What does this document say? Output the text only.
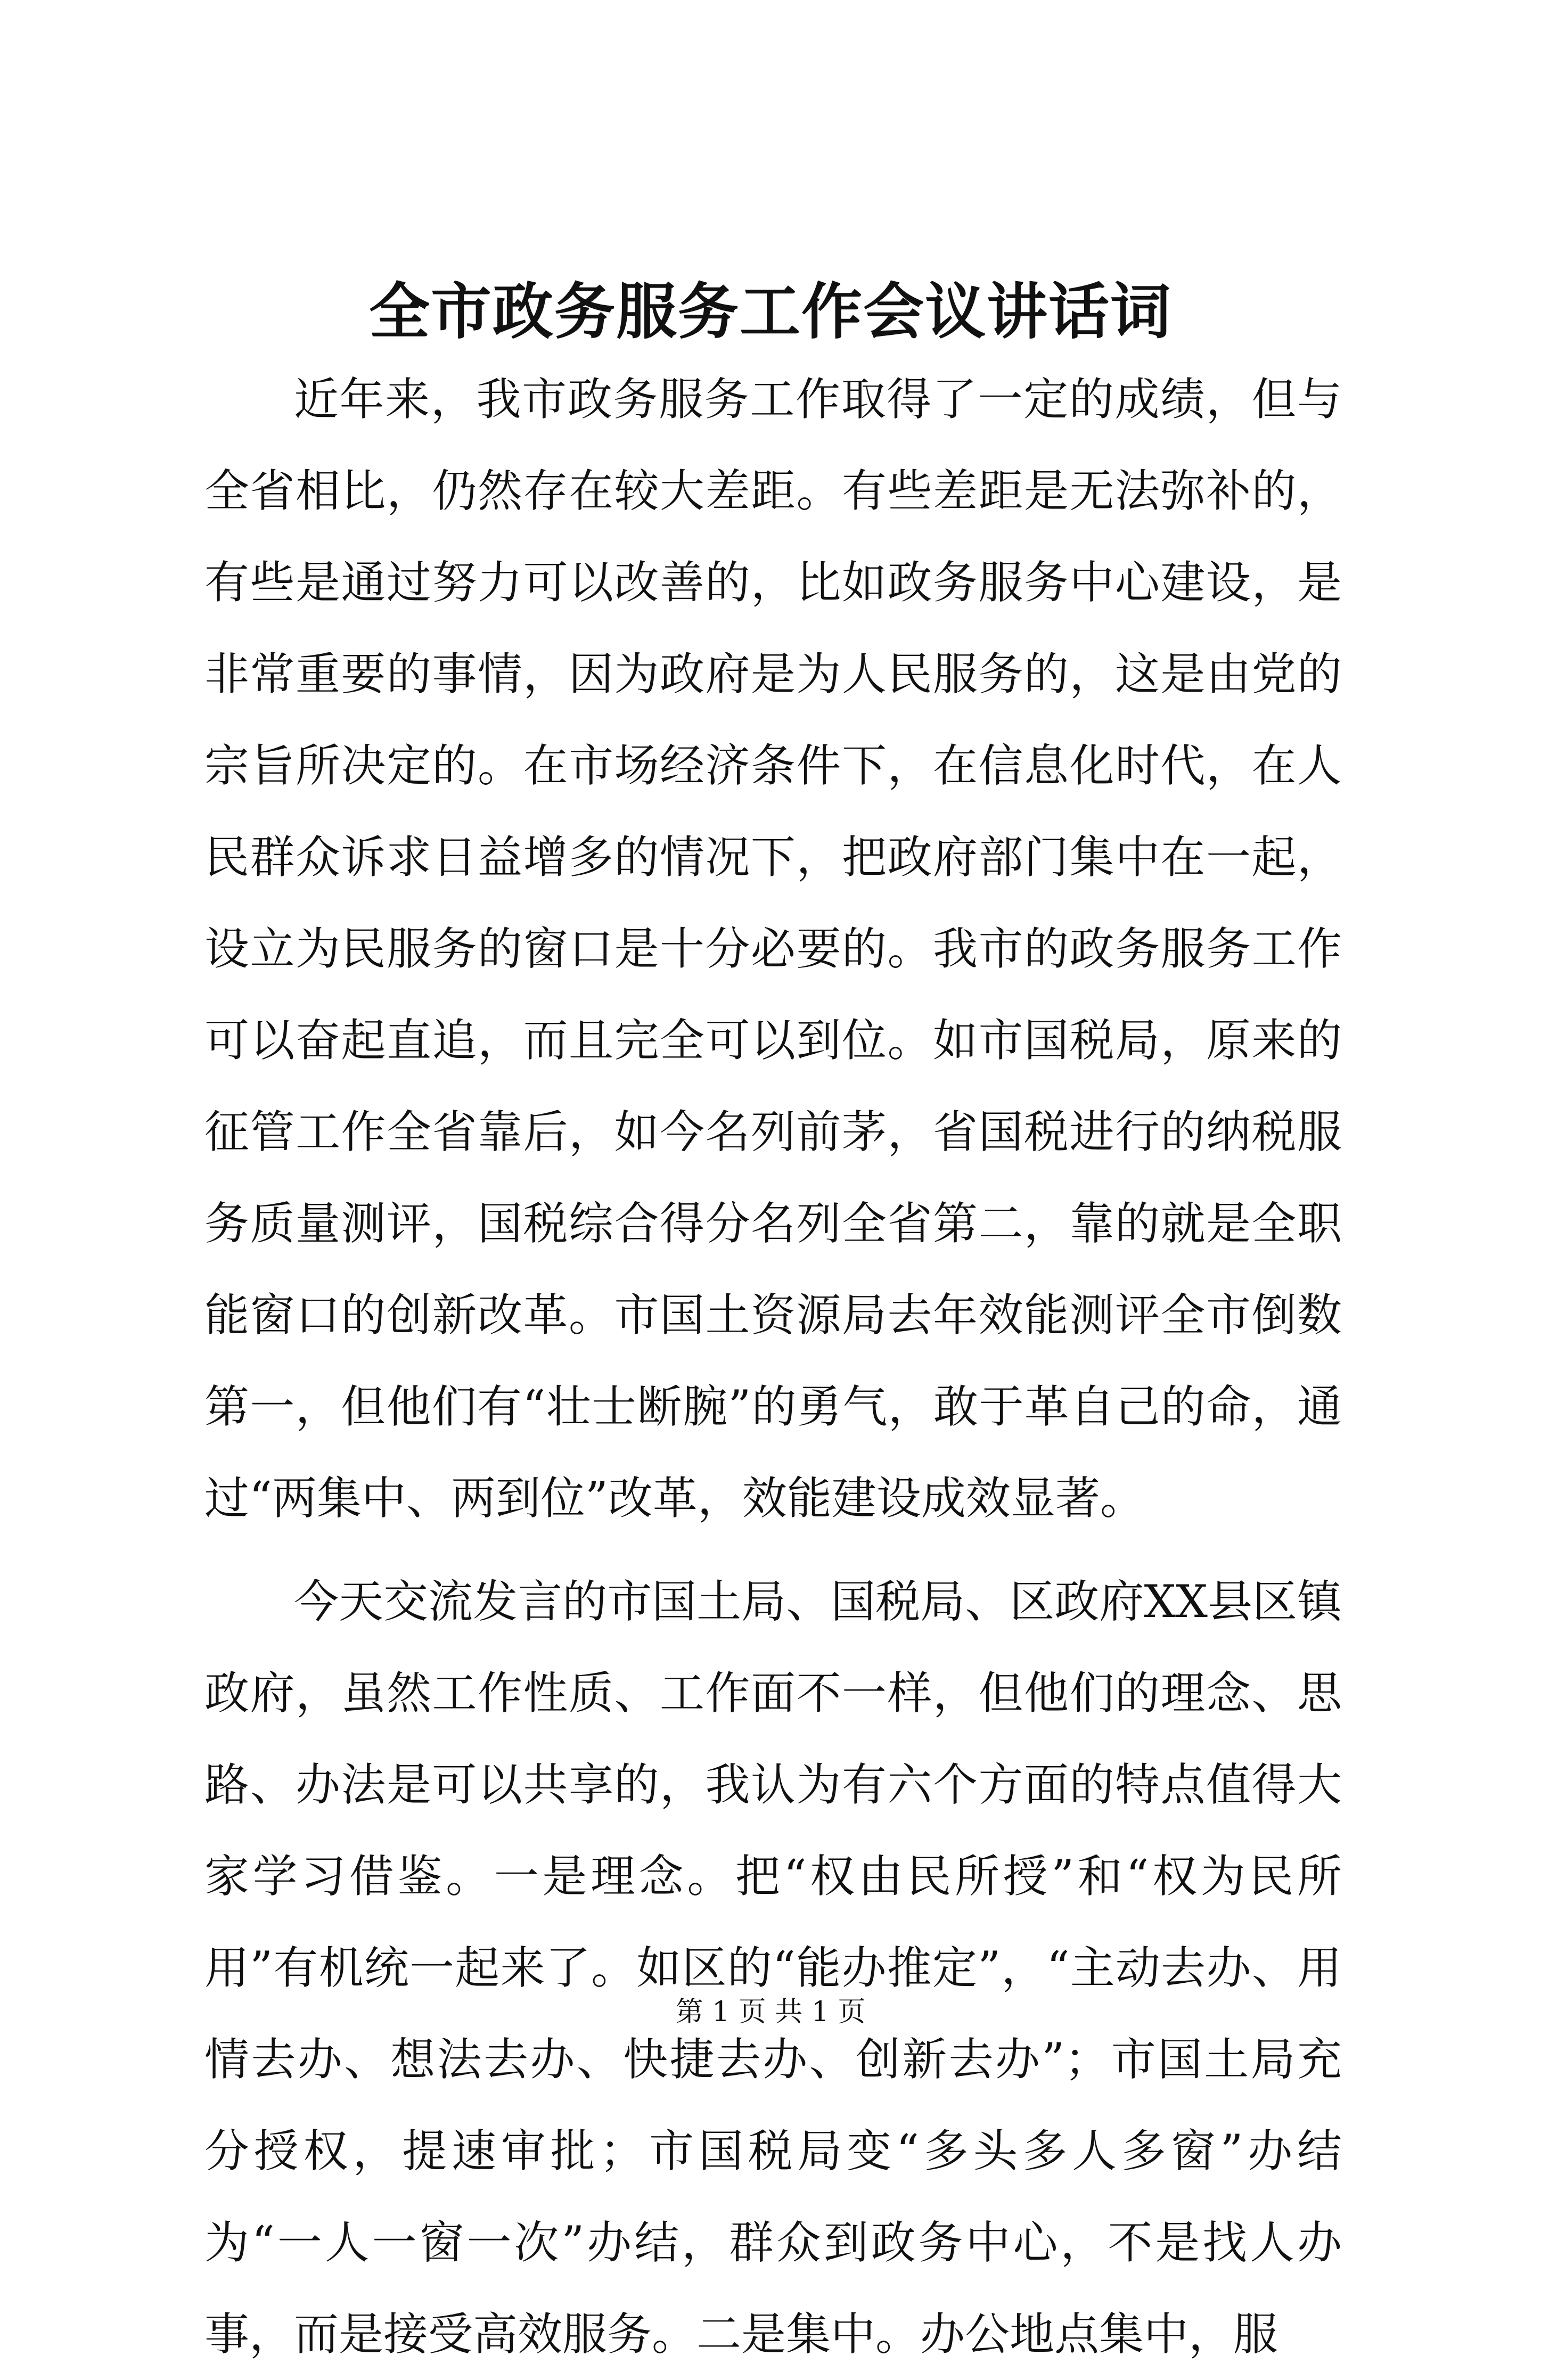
全市政务服务工作会议讲话词

近年来，我市政务服务工作取得了一定的成绩，但与全省相比，仍然存在较大差距。有些差距是无法弥补的，有些是通过努力可以改善的，比如政务服务中心建设，是非常重要的事情，因为政府是为人民服务的，这是由党的宗旨所决定的。在市场经济条件下，在信息化时代，在人民群众诉求日益增多的情况下，把政府部门集中在一起，设立为民服务的窗口是十分必要的。我市的政务服务工作可以奋起直追，而且完全可以到位。如市国税局，原来的征管工作全省靠后，如今名列前茅，省国税进行的纳税服务质量测评，国税综合得分名列全省第二，靠的就是全职能窗口的创新改革。市国土资源局去年效能测评全市倒数第一，但他们有“壮士断腕”的勇气，敢于革自己的命，通过“两集中、两到位”改革，效能建设成效显著。

今天交流发言的市国土局、国税局、区政府XX县区镇政府，虽然工作性质、工作面不一样，但他们的理念、思路、办法是可以共享的，我认为有六个方面的特点值得大家学习借鉴。一是理念。把“权由民所授”和“权为民所用”有机统一起来了。如区的“能办推定”，“主动去办、用情去办、想法去办、快捷去办、创新去办”；市国土局充分授权，提速审批；市国税局变“多头多人多窗”办结为“一人一窗一次”办结，群众到政务中心，不是找人办事，而是接受高效服务。二是集中。办公地点集中，服

第 1 页 共 1 页
